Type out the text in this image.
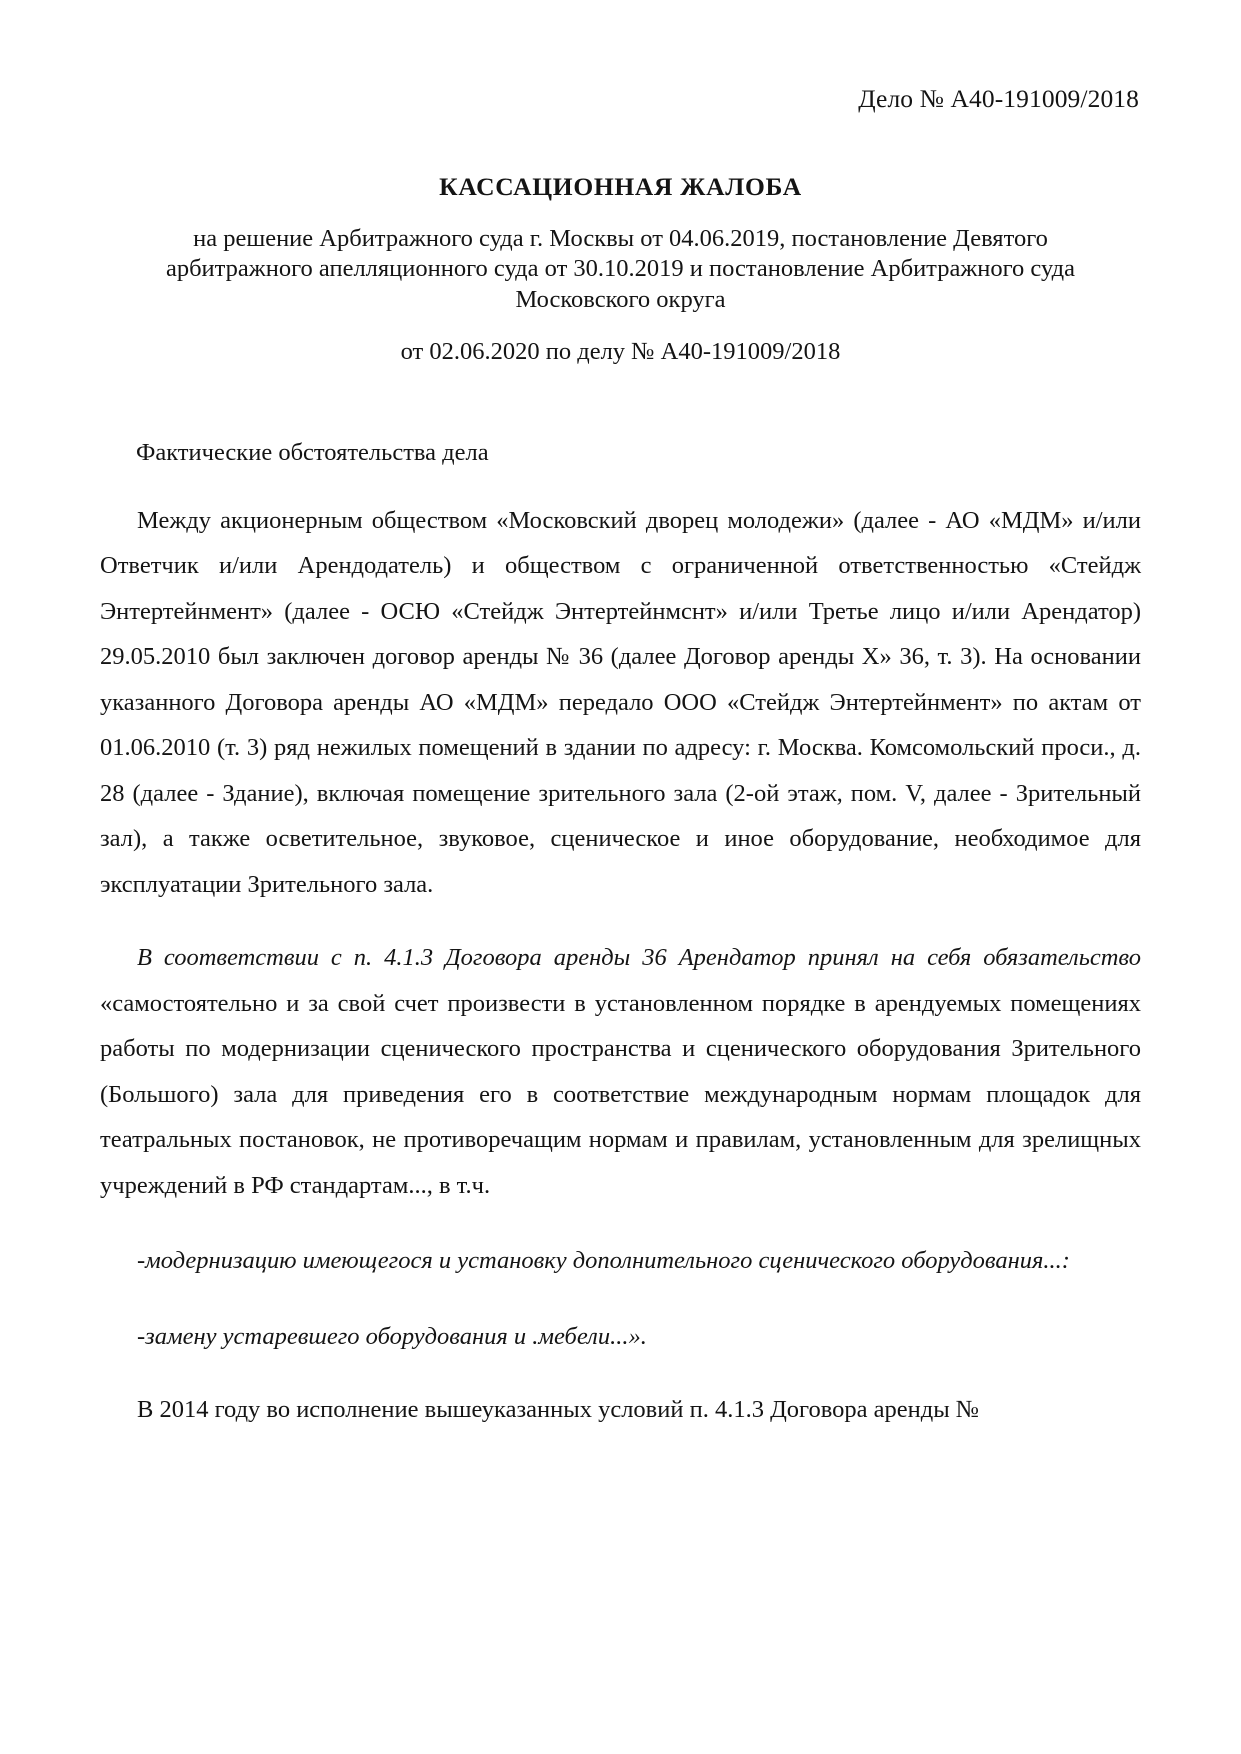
Дело № А40-191009/2018
КАССАЦИОННАЯ ЖАЛОБА
на решение Арбитражного суда г. Москвы от 04.06.2019, постановление Девятого арбитражного апелляционного суда от 30.10.2019 и постановление Арбитражного суда Московского округа
от 02.06.2020 по делу № А40-191009/2018
Фактические обстоятельства дела

Между акционерным обществом «Московский дворец молодежи» (далее - АО «МДМ» и/или Ответчик и/или Арендодатель) и обществом с ограниченной ответственностью «Стейдж Энтертейнмент» (далее - ОСЮ «Стейдж Энтертейнмснт» и/или Третье лицо и/или Арендатор) 29.05.2010 был заключен договор аренды № 36 (далее Договор аренды X» 36, т. 3). На основании указанного Договора аренды АО «МДМ» передало ООО «Стейдж Энтертейнмент» по актам от 01.06.2010 (т. 3) ряд нежилых помещений в здании по адресу: г. Москва. Комсомольский проси., д. 28 (далее - Здание), включая помещение зрительного зала (2-ой этаж, пом. V, далее - Зрительный зал), а также осветительное, звуковое, сценическое и иное оборудование, необходимое для эксплуатации Зрительного зала.

В соответствии с п. 4.1.3 Договора аренды 36 Арендатор принял на себя обязательство «самостоятельно и за свой счет произвести в установленном порядке в арендуемых помещениях работы по модернизации сценического пространства и сценического оборудования Зрительного (Большого) зала для приведения его в соответствие международным нормам площадок для театральных постановок, не противоречащим нормам и правилам, установленным для зрелищных учреждений в РФ стандартам..., в т.ч.

-модернизацию имеющегося и установку дополнительного сценического оборудования...:

-замену устаревшего оборудования и .мебели...».

В 2014 году во исполнение вышеуказанных условий п. 4.1.3 Договора аренды №
